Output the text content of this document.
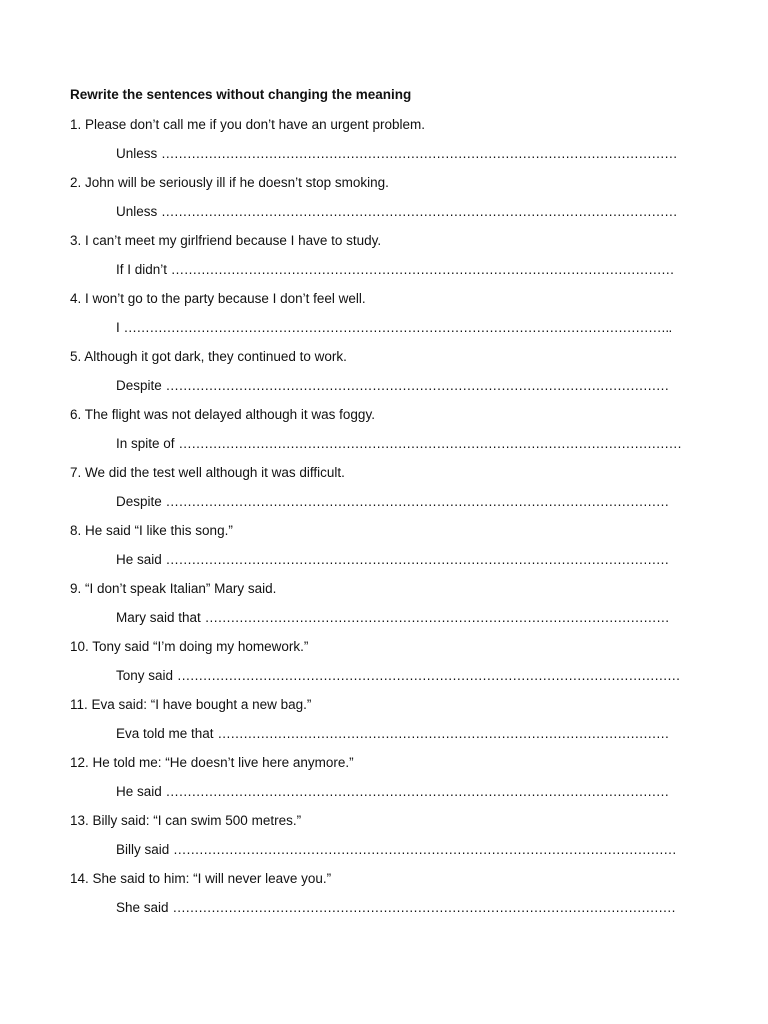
Rewrite the sentences without changing the meaning
1. Please don’t call me if you don’t have an urgent problem.
Unless …………………………………………………………………………………………………………
2. John will be seriously ill if he doesn’t stop smoking.
Unless …………………………………………………………………………………………………………
3. I can’t meet my girlfriend because I have to study.
If I didn’t ………………………………………………………………………………………………………
4. I won’t go to the party because I don’t feel well.
I ………………………………………………………………………………………………………………..
5. Although it got dark, they continued to work.
Despite ………………………………………………………………………………………………………
6. The flight was not delayed although it was foggy.
In spite of ………………………………………………………………………………………………………
7. We did the test well although it was difficult.
Despite ………………………………………………………………………………………………………
8. He said “I like this song.”
He said ………………………………………………………………………………………………………
9. “I don’t speak Italian” Mary said.
Mary said that ………………………………………………………………………………………………
10. Tony said “I’m doing my homework.”
Tony said ………………………………………………………………………………………………………
11. Eva said: “I have bought a new bag.”
Eva told me that ……………………………………………………………………………………………
12. He told me: “He doesn’t live here anymore.”
He said ………………………………………………………………………………………………………
13. Billy said: “I can swim 500 metres.”
Billy said ………………………………………………………………………………………………………
14. She said to him: “I will never leave you.”
She said ………………………………………………………………………………………………………
